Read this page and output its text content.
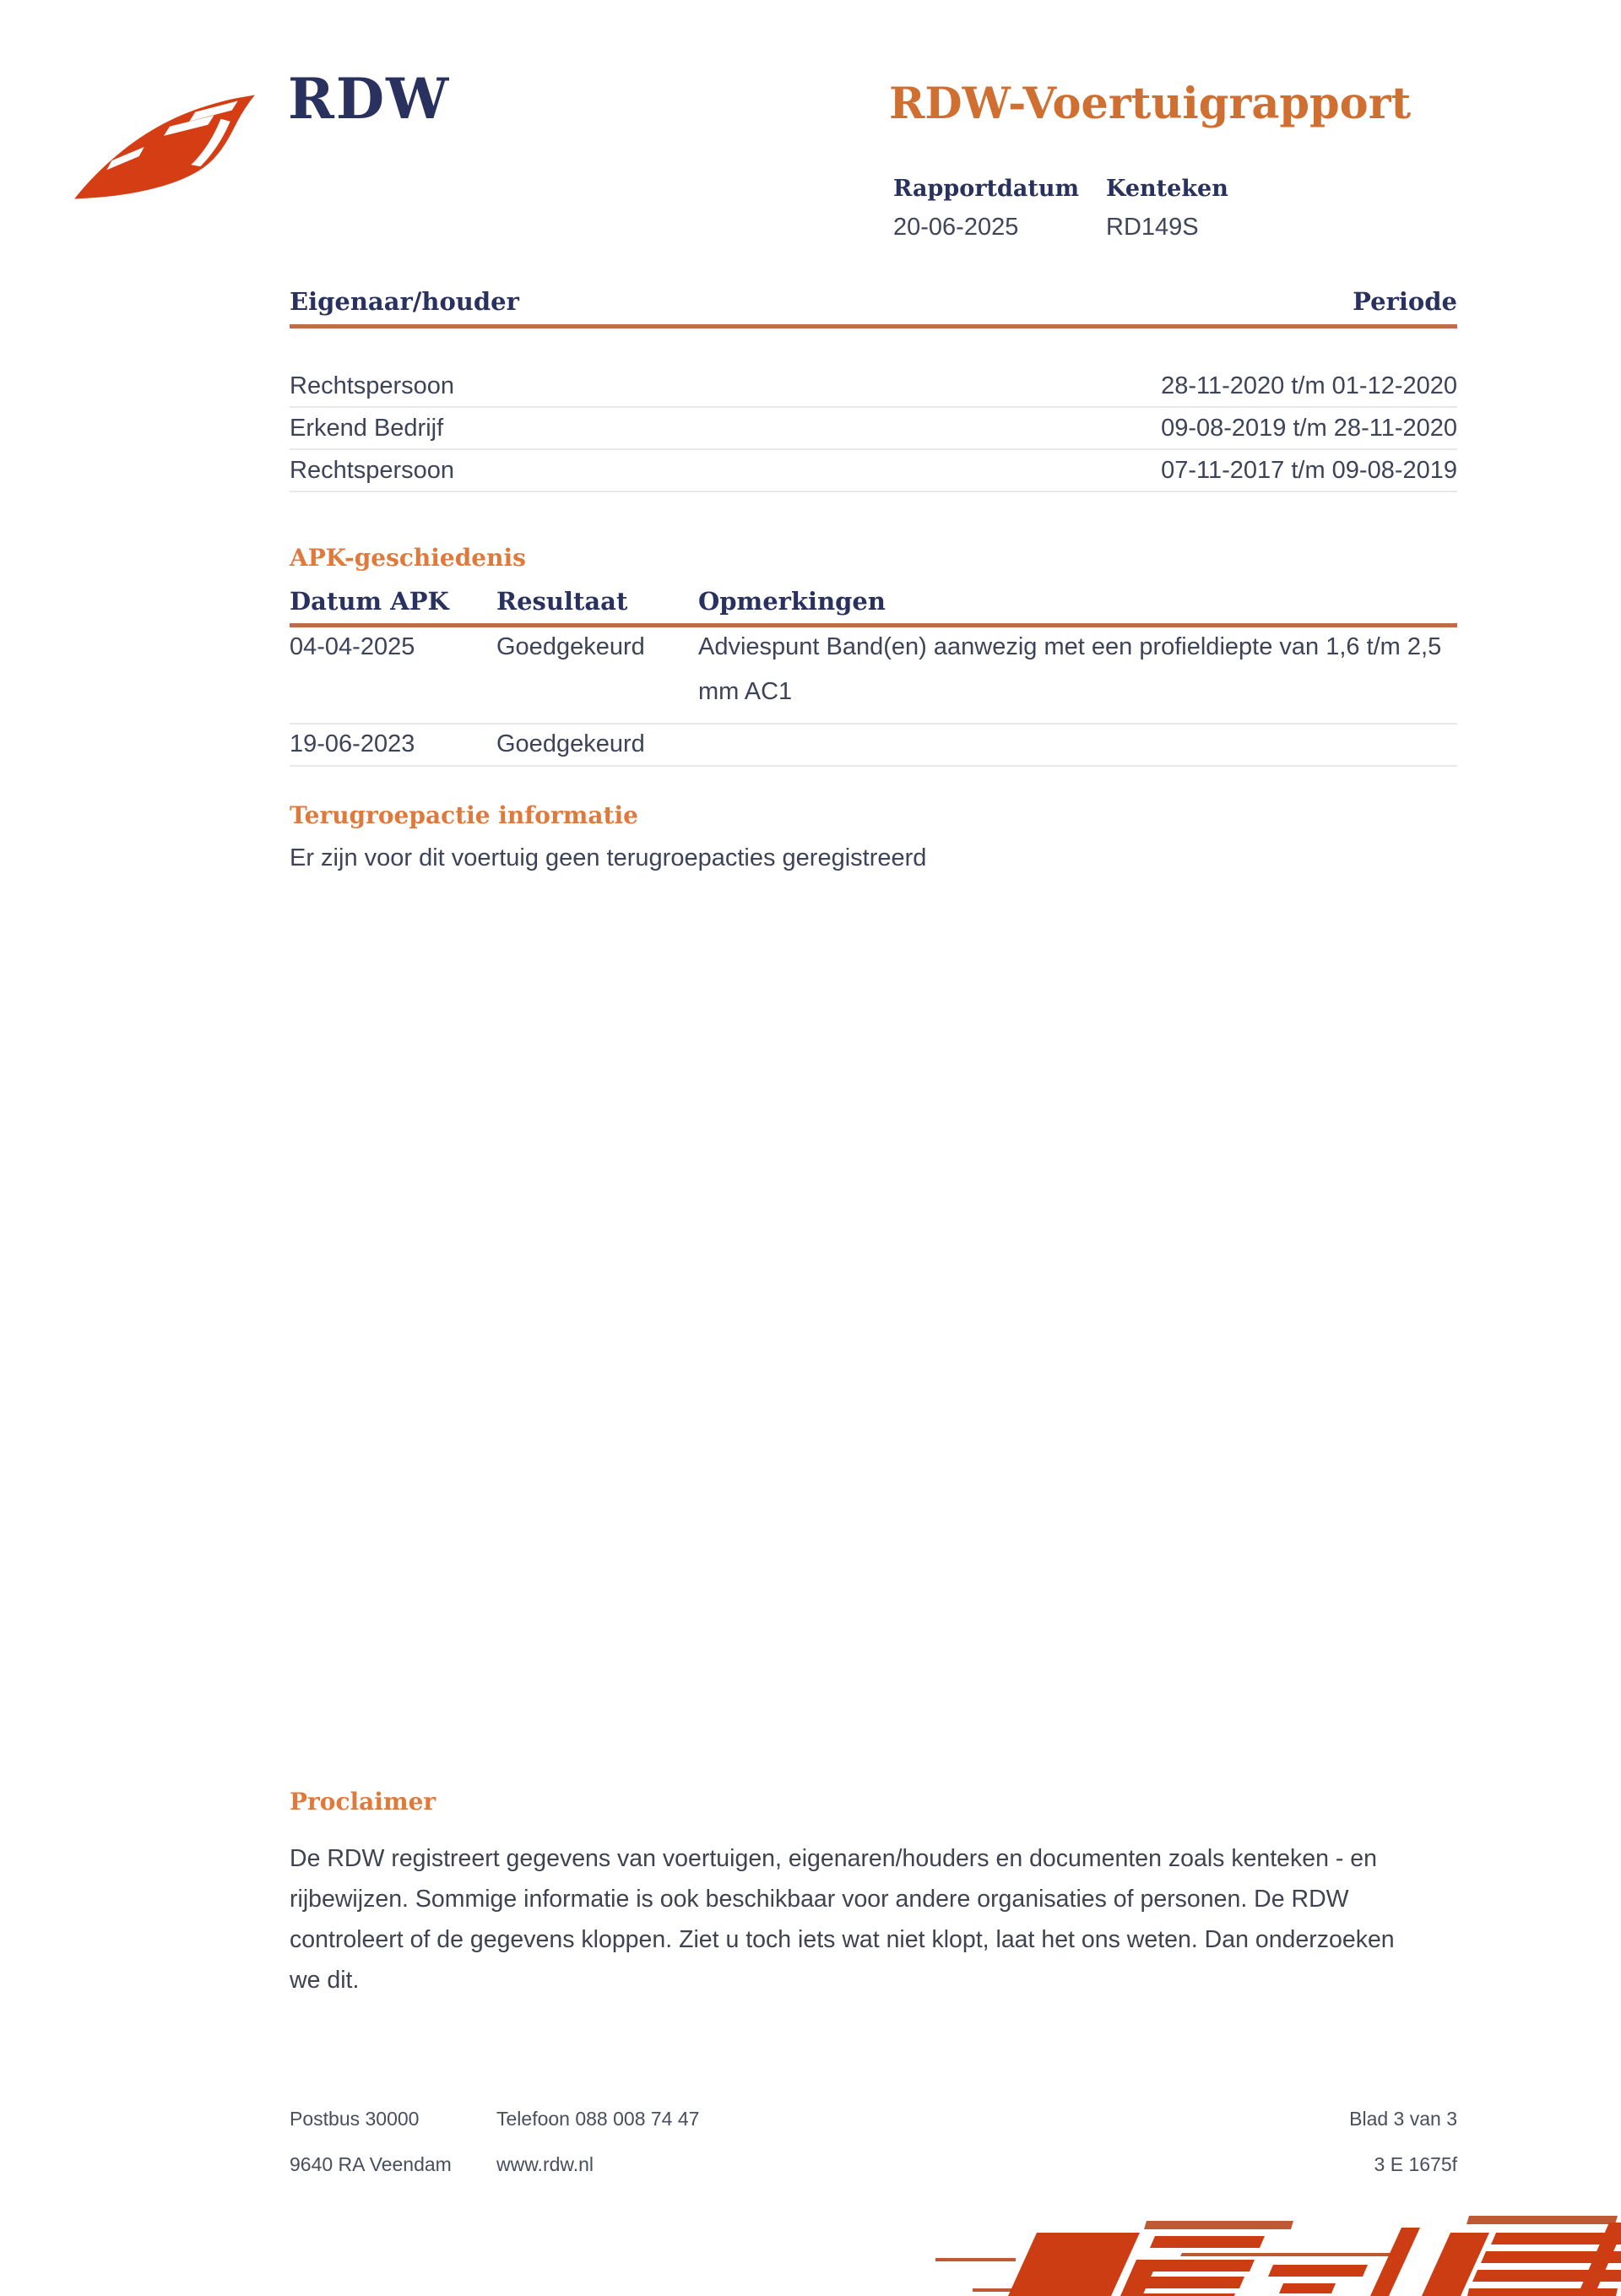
RDW	RDW-Voertuigrapport
Rapportdatum
20-06-2025
Kenteken
RD149S
Eigenaar/houder	Periode
Rechtspersoon	28-11-2020 t/m 01-12-2020
Erkend Bedrijf	09-08-2019 t/m 28-11-2020
Rechtspersoon	07-11-2017 t/m 09-08-2019
APK-geschiedenis
Datum APK	Resultaat	Opmerkingen
04-04-2025	Goedgekeurd	Adviespunt Band(en) aanwezig met een profieldiepte van 1,6 t/m 2,5 mm AC1
19-06-2023	Goedgekeurd
Terugroepactie informatie
Er zijn voor dit voertuig geen terugroepacties geregistreerd
Proclaimer
De RDW registreert gegevens van voertuigen, eigenaren/houders en documenten zoals kenteken - en rijbewijzen. Sommige informatie is ook beschikbaar voor andere organisaties of personen. De RDW controleert of de gegevens kloppen. Ziet u toch iets wat niet klopt, laat het ons weten. Dan onderzoeken we dit.
Postbus 30000	Telefoon 088 008 74 47	Blad 3 van 3
9640 RA Veendam	www.rdw.nl	3 E 1675f
